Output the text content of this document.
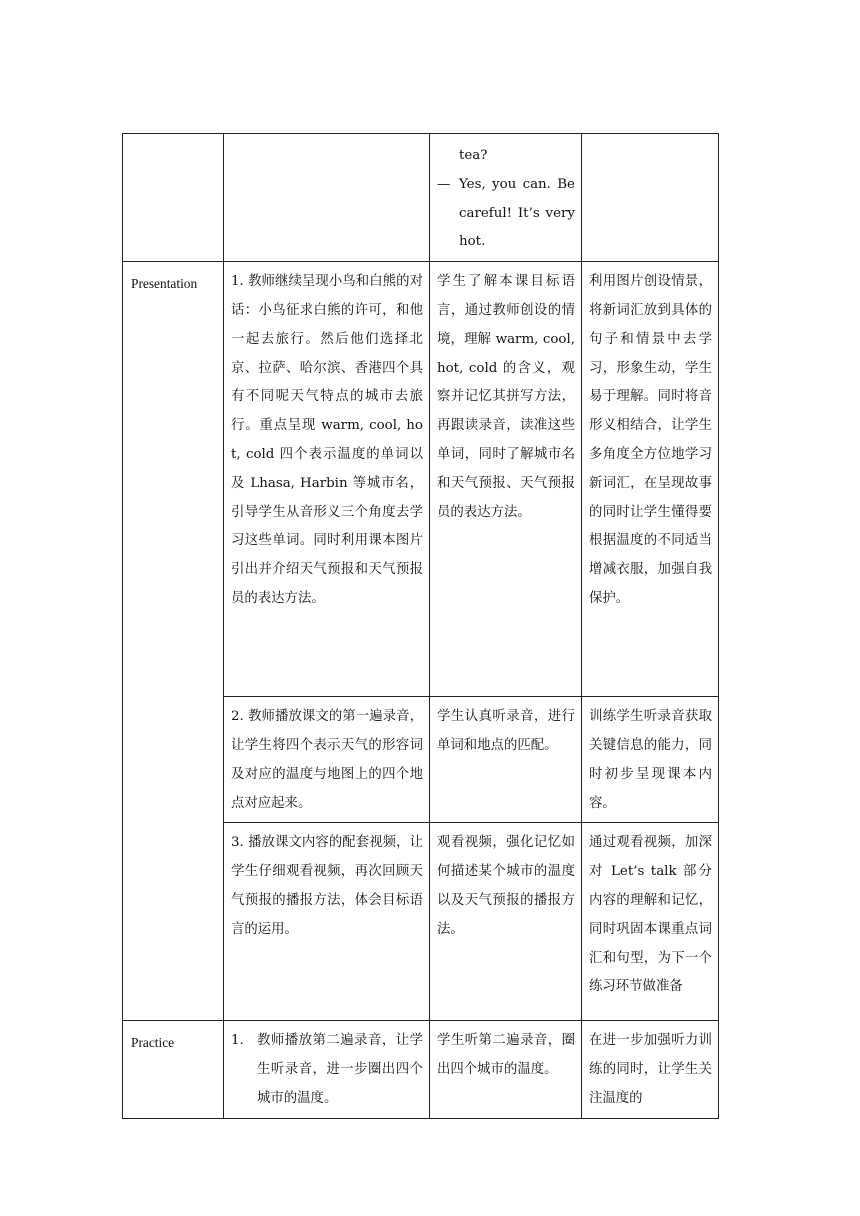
		tea?
— Yes, you can. Be careful! It’s very hot.	

Presentation	1. 教师继续呈现小鸟和白熊的对话：小鸟征求白熊的许可，和他一起去旅行。然后他们选择北京、拉萨、哈尔滨、香港四个具有不同呢天气特点的城市去旅行。重点呈现 warm, cool, hot, cold 四个表示温度的单词以及 Lhasa, Harbin 等城市名，引导学生从音形义三个角度去学习这些单词。同时利用课本图片引出并介绍天气预报和天气预报员的表达方法。	学生了解本课目标语言，通过教师创设的情境，理解 warm, cool, hot, cold 的含义，观察并记忆其拼写方法，再跟读录音，读准这些单词，同时了解城市名和天气预报、天气预报员的表达方法。	利用图片创设情景，将新词汇放到具体的句子和情景中去学习，形象生动，学生易于理解。同时将音形义相结合，让学生多角度全方位地学习新词汇，在呈现故事的同时让学生懂得要根据温度的不同适当增减衣服，加强自我保护。
	2. 教师播放课文的第一遍录音，让学生将四个表示天气的形容词及对应的温度与地图上的四个地点对应起来。	学生认真听录音，进行单词和地点的匹配。	训练学生听录音获取关键信息的能力，同时初步呈现课本内容。
	3. 播放课文内容的配套视频，让学生仔细观看视频，再次回顾天气预报的播报方法，体会目标语言的运用。	观看视频，强化记忆如何描述某个城市的温度以及天气预报的播报方法。	通过观看视频，加深对 Let’s talk 部分内容的理解和记忆，同时巩固本课重点词汇和句型，为下一个练习环节做准备
Practice	1. 教师播放第二遍录音，让学生听录音，进一步圈出四个城市的温度。	学生听第二遍录音，圈出四个城市的温度。	在进一步加强听力训练的同时，让学生关注温度的
